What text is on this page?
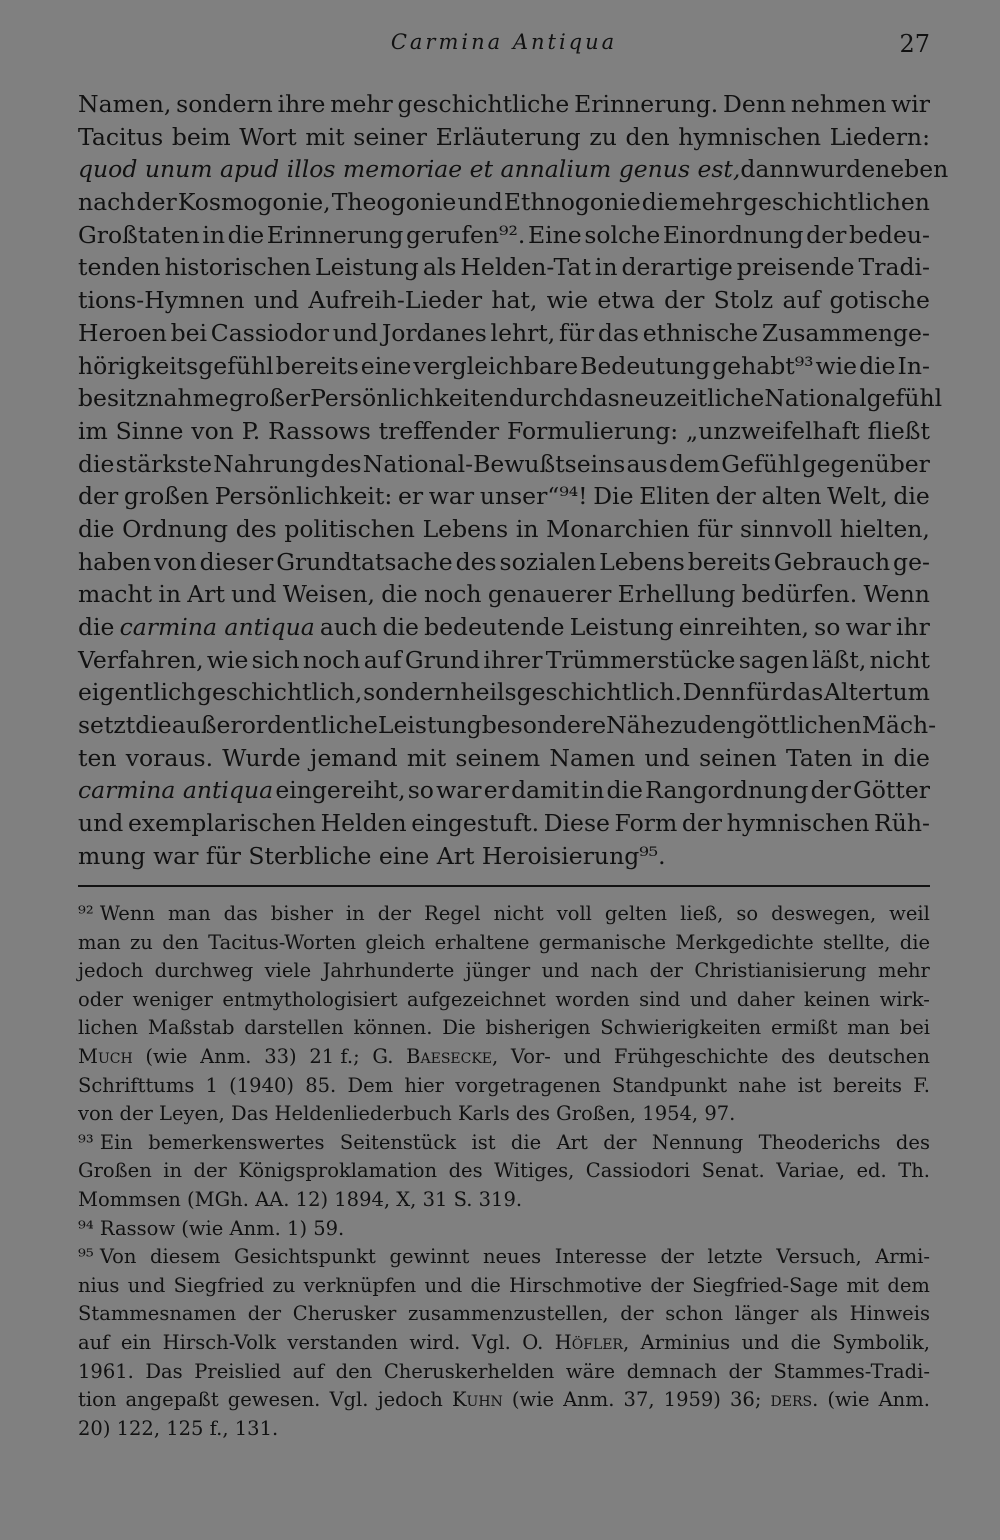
Carmina Antiqua	27
Namen, sondern ihre mehr geschichtliche Erinnerung. Denn nehmen wir
Tacitus beim Wort mit seiner Erläuterung zu den hymnischen Liedern:
quod unum apud illos memoriae et annalium genus est, dann wurden eben
nach der Kosmogonie, Theogonie und Ethnogonie die mehr geschichtlichen
Großtaten in die Erinnerung gerufen⁹². Eine solche Einordnung der bedeu-
tenden historischen Leistung als Helden-Tat in derartige preisende Tradi-
tions-Hymnen und Aufreih-Lieder hat, wie etwa der Stolz auf gotische
Heroen bei Cassiodor und Jordanes lehrt, für das ethnische Zusammenge-
hörigkeitsgefühl bereits eine vergleichbare Bedeutung gehabt⁹³ wie die In-
besitznahme großer Persönlichkeiten durch das neuzeitliche Nationalgefühl
im Sinne von P. Rassows treffender Formulierung: „unzweifelhaft fließt
die stärkste Nahrung des National-Bewußtseins aus dem Gefühl gegenüber
der großen Persönlichkeit: er war unser“⁹⁴! Die Eliten der alten Welt, die
die Ordnung des politischen Lebens in Monarchien für sinnvoll hielten,
haben von dieser Grundtatsache des sozialen Lebens bereits Gebrauch ge-
macht in Art und Weisen, die noch genauerer Erhellung bedürfen. Wenn
die carmina antiqua auch die bedeutende Leistung einreihten, so war ihr
Verfahren, wie sich noch auf Grund ihrer Trümmerstücke sagen läßt, nicht
eigentlich geschichtlich, sondern heilsgeschichtlich. Denn für das Altertum
setzt die außerordentliche Leistung besondere Nähe zu den göttlichen Mäch-
ten voraus. Wurde jemand mit seinem Namen und seinen Taten in die
carmina antiqua eingereiht, so war er damit in die Rangordnung der Götter
und exemplarischen Helden eingestuft. Diese Form der hymnischen Rüh-
mung war für Sterbliche eine Art Heroisierung⁹⁵.
⁹² Wenn man das bisher in der Regel nicht voll gelten ließ, so deswegen, weil
man zu den Tacitus-Worten gleich erhaltene germanische Merkgedichte stellte, die
jedoch durchweg viele Jahrhunderte jünger und nach der Christianisierung mehr
oder weniger entmythologisiert aufgezeichnet worden sind und daher keinen wirk-
lichen Maßstab darstellen können. Die bisherigen Schwierigkeiten ermißt man bei
Much (wie Anm. 33) 21 f.; G. Baesecke, Vor- und Frühgeschichte des deutschen
Schrifttums 1 (1940) 85. Dem hier vorgetragenen Standpunkt nahe ist bereits F.
von der Leyen, Das Heldenliederbuch Karls des Großen, 1954, 97.
⁹³ Ein bemerkenswertes Seitenstück ist die Art der Nennung Theoderichs des
Großen in der Königsproklamation des Witiges, Cassiodori Senat. Variae, ed. Th.
Mommsen (MGh. AA. 12) 1894, X, 31 S. 319.
⁹⁴ Rassow (wie Anm. 1) 59.
⁹⁵ Von diesem Gesichtspunkt gewinnt neues Interesse der letzte Versuch, Armi-
nius und Siegfried zu verknüpfen und die Hirschmotive der Siegfried-Sage mit dem
Stammesnamen der Cherusker zusammenzustellen, der schon länger als Hinweis
auf ein Hirsch-Volk verstanden wird. Vgl. O. Höfler, Arminius und die Symbolik,
1961. Das Preislied auf den Cheruskerhelden wäre demnach der Stammes-Tradi-
tion angepaßt gewesen. Vgl. jedoch Kuhn (wie Anm. 37, 1959) 36; ders. (wie Anm.
20) 122, 125 f., 131.
